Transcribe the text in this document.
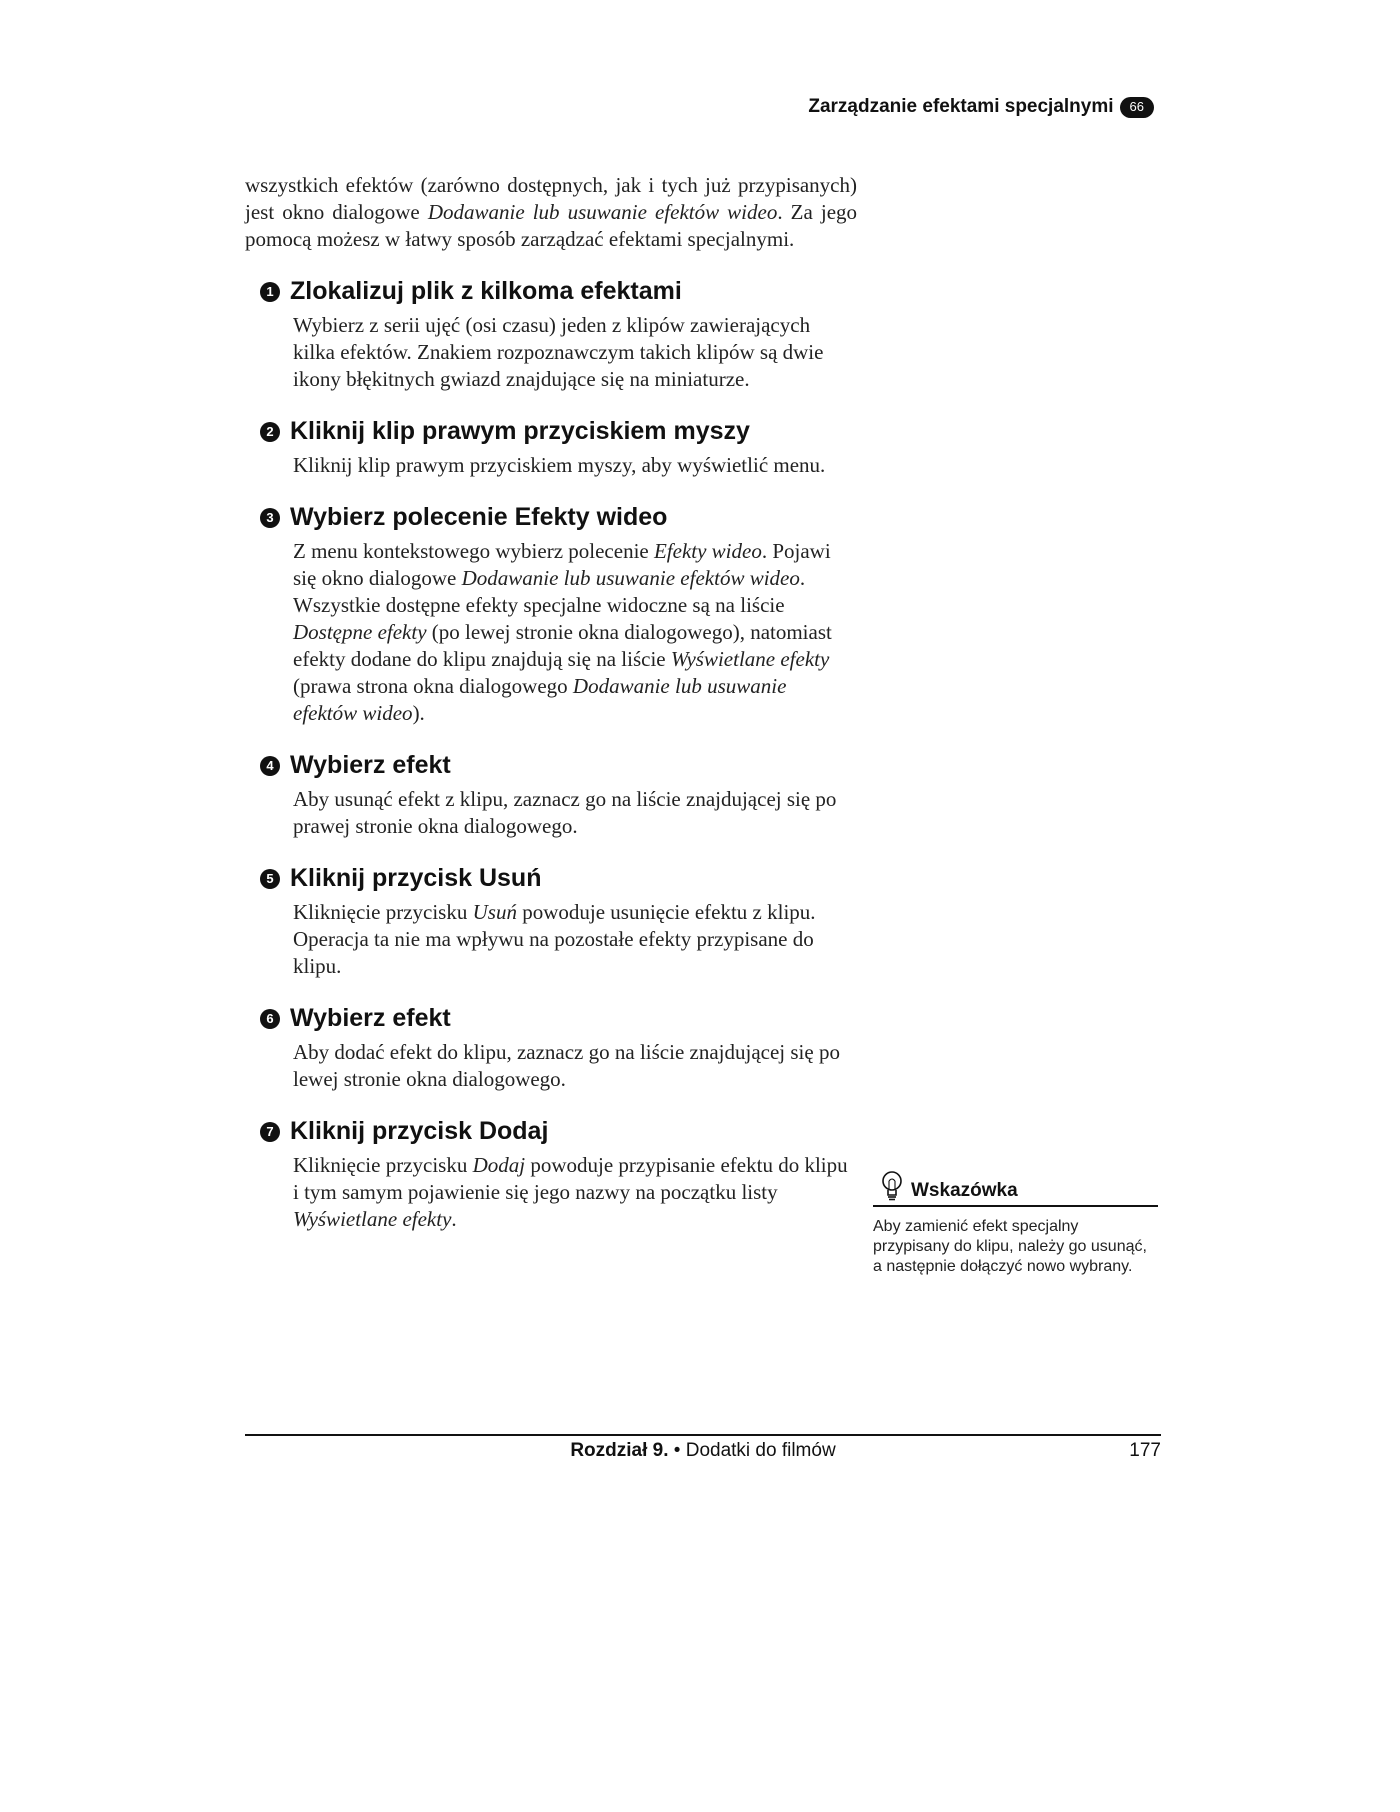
Zarządzanie efektami specjalnymi	66

wszystkich efektów (zarówno dostępnych, jak i tych już przypisanych) jest okno dialogowe Dodawanie lub usuwanie efektów wideo. Za jego pomocą możesz w łatwy sposób zarządzać efektami specjalnymi.

1 Zlokalizuj plik z kilkoma efektami

Wybierz z serii ujęć (osi czasu) jeden z klipów zawierających kilka efektów. Znakiem rozpoznawczym takich klipów są dwie ikony błękitnych gwiazd znajdujące się na miniaturze.

2 Kliknij klip prawym przyciskiem myszy

Kliknij klip prawym przyciskiem myszy, aby wyświetlić menu.

3 Wybierz polecenie Efekty wideo

Z menu kontekstowego wybierz polecenie Efekty wideo. Pojawi się okno dialogowe Dodawanie lub usuwanie efektów wideo. Wszystkie dostępne efekty specjalne widoczne są na liście Dostępne efekty (po lewej stronie okna dialogowego), natomiast efekty dodane do klipu znajdują się na liście Wyświetlane efekty (prawa strona okna dialogowego Dodawanie lub usuwanie efektów wideo).

4 Wybierz efekt

Aby usunąć efekt z klipu, zaznacz go na liście znajdującej się po prawej stronie okna dialogowego.

5 Kliknij przycisk Usuń

Kliknięcie przycisku Usuń powoduje usunięcie efektu z klipu. Operacja ta nie ma wpływu na pozostałe efekty przypisane do klipu.

6 Wybierz efekt

Aby dodać efekt do klipu, zaznacz go na liście znajdującej się po lewej stronie okna dialogowego.

7 Kliknij przycisk Dodaj

Kliknięcie przycisku Dodaj powoduje przypisanie efektu do klipu i tym samym pojawienie się jego nazwy na początku listy Wyświetlane efekty.

Wskazówka

Aby zamienić efekt specjalny przypisany do klipu, należy go usunąć, a następnie dołączyć nowo wybrany.

Rozdział 9. • Dodatki do filmów	177
